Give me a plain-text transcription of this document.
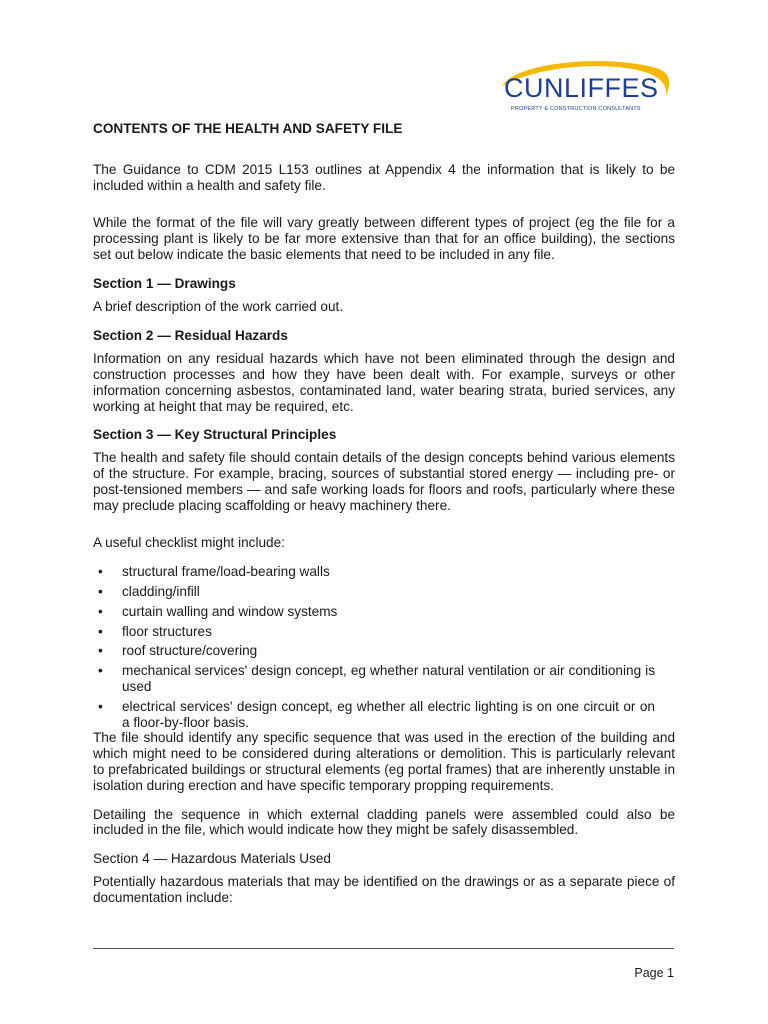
CUNLIFFES
PROPERTY & CONSTRUCTION CONSULTANTS

CONTENTS OF THE HEALTH AND SAFETY FILE

The Guidance to CDM 2015 L153 outlines at Appendix 4 the information that is likely to be included within a health and safety file.

While the format of the file will vary greatly between different types of project (eg the file for a processing plant is likely to be far more extensive than that for an office building), the sections set out below indicate the basic elements that need to be included in any file.

Section 1 — Drawings

A brief description of the work carried out.

Section 2 — Residual Hazards

Information on any residual hazards which have not been eliminated through the design and construction processes and how they have been dealt with. For example, surveys or other information concerning asbestos, contaminated land, water bearing strata, buried services, any working at height that may be required, etc.

Section 3 — Key Structural Principles

The health and safety file should contain details of the design concepts behind various elements of the structure. For example, bracing, sources of substantial stored energy — including pre- or post-tensioned members — and safe working loads for floors and roofs, particularly where these may preclude placing scaffolding or heavy machinery there.

A useful checklist might include:

• structural frame/load-bearing walls
• cladding/infill
• curtain walling and window systems
• floor structures
• roof structure/covering
• mechanical services' design concept, eg whether natural ventilation or air conditioning is used
• electrical services' design concept, eg whether all electric lighting is on one circuit or on a floor-by-floor basis.

The file should identify any specific sequence that was used in the erection of the building and which might need to be considered during alterations or demolition. This is particularly relevant to prefabricated buildings or structural elements (eg portal frames) that are inherently unstable in isolation during erection and have specific temporary propping requirements.

Detailing the sequence in which external cladding panels were assembled could also be included in the file, which would indicate how they might be safely disassembled.

Section 4 — Hazardous Materials Used

Potentially hazardous materials that may be identified on the drawings or as a separate piece of documentation include:

Page 1
